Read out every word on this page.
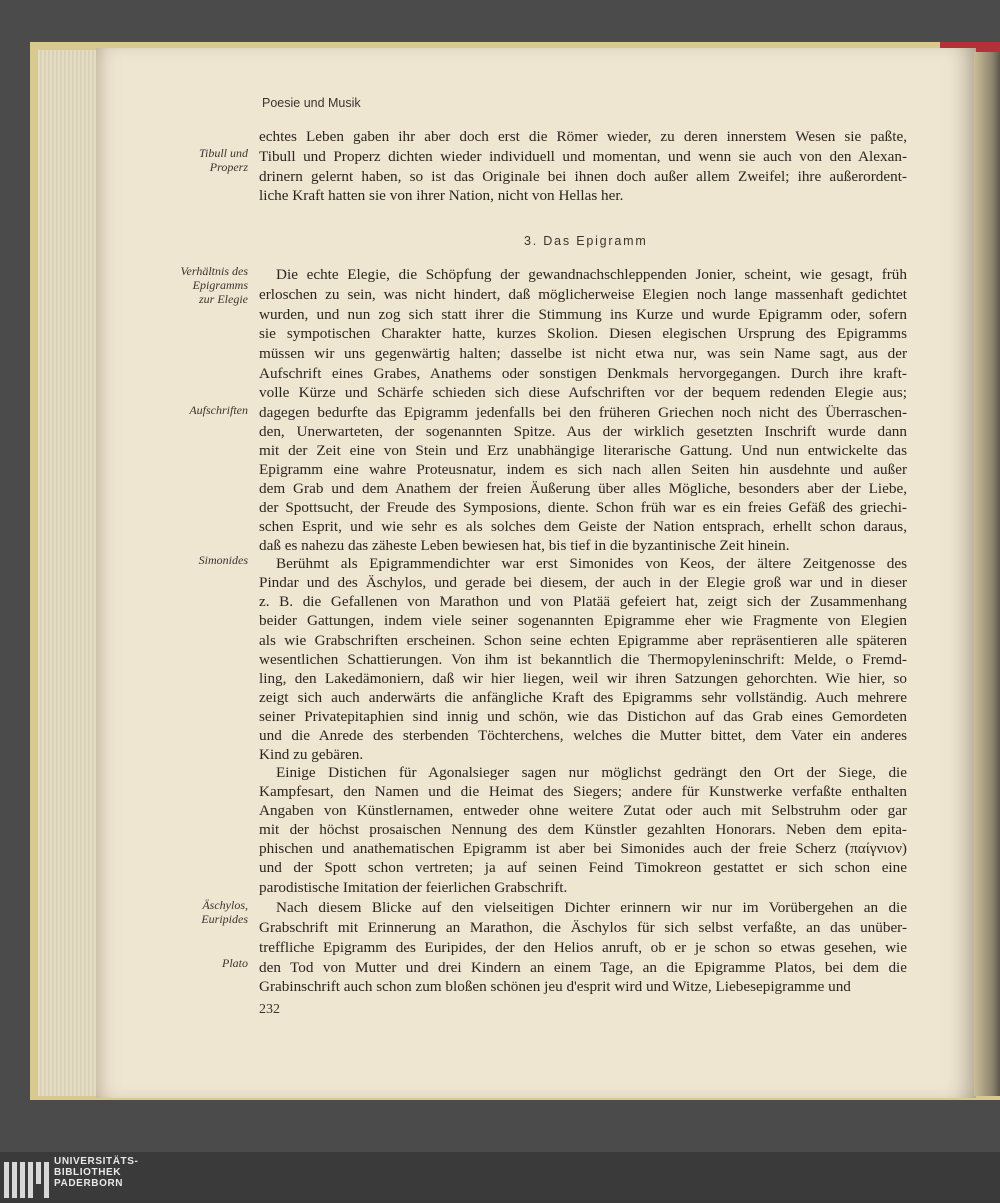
Poesie und Musik
Tibull und
Properz
Verhältnis des
Epigramms
zur Elegie
Aufschriften
Simonides
Äschylos,
Euripides
Plato
3. Das Epigramm
echtes Leben gaben ihr aber doch erst die Römer wieder, zu deren innerstem Wesen sie paßte,
Tibull und Properz dichten wieder individuell und momentan, und wenn sie auch von den Alexan-
drinern gelernt haben, so ist das Originale bei ihnen doch außer allem Zweifel; ihre außerordent-
liche Kraft hatten sie von ihrer Nation, nicht von Hellas her.
Die echte Elegie, die Schöpfung der gewandnachschleppenden Jonier, scheint, wie gesagt, früh
erloschen zu sein, was nicht hindert, daß möglicherweise Elegien noch lange massenhaft gedichtet
wurden, und nun zog sich statt ihrer die Stimmung ins Kurze und wurde Epigramm oder, sofern
sie sympotischen Charakter hatte, kurzes Skolion. Diesen elegischen Ursprung des Epigramms
müssen wir uns gegenwärtig halten; dasselbe ist nicht etwa nur, was sein Name sagt, aus der
Aufschrift eines Grabes, Anathems oder sonstigen Denkmals hervorgegangen. Durch ihre kraft-
volle Kürze und Schärfe schieden sich diese Aufschriften vor der bequem redenden Elegie aus;
dagegen bedurfte das Epigramm jedenfalls bei den früheren Griechen noch nicht des Überraschen-
den, Unerwarteten, der sogenannten Spitze. Aus der wirklich gesetzten Inschrift wurde dann
mit der Zeit eine von Stein und Erz unabhängige literarische Gattung. Und nun entwickelte das
Epigramm eine wahre Proteusnatur, indem es sich nach allen Seiten hin ausdehnte und außer
dem Grab und dem Anathem der freien Äußerung über alles Mögliche, besonders aber der Liebe,
der Spottsucht, der Freude des Symposions, diente. Schon früh war es ein freies Gefäß des griechi-
schen Esprit, und wie sehr es als solches dem Geiste der Nation entsprach, erhellt schon daraus,
daß es nahezu das zäheste Leben bewiesen hat, bis tief in die byzantinische Zeit hinein.
Berühmt als Epigrammendichter war erst Simonides von Keos, der ältere Zeitgenosse des
Pindar und des Äschylos, und gerade bei diesem, der auch in der Elegie groß war und in dieser
z. B. die Gefallenen von Marathon und von Platää gefeiert hat, zeigt sich der Zusammenhang
beider Gattungen, indem viele seiner sogenannten Epigramme eher wie Fragmente von Elegien
als wie Grabschriften erscheinen. Schon seine echten Epigramme aber repräsentieren alle späteren
wesentlichen Schattierungen. Von ihm ist bekanntlich die Thermopyleninschrift: Melde, o Fremd-
ling, den Lakedämoniern, daß wir hier liegen, weil wir ihren Satzungen gehorchten. Wie hier, so
zeigt sich auch anderwärts die anfängliche Kraft des Epigramms sehr vollständig. Auch mehrere
seiner Privatepitaphien sind innig und schön, wie das Distichon auf das Grab eines Gemordeten
und die Anrede des sterbenden Töchterchens, welches die Mutter bittet, dem Vater ein anderes
Kind zu gebären.
Einige Distichen für Agonalsieger sagen nur möglichst gedrängt den Ort der Siege, die
Kampfesart, den Namen und die Heimat des Siegers; andere für Kunstwerke verfaßte enthalten
Angaben von Künstlernamen, entweder ohne weitere Zutat oder auch mit Selbstruhm oder gar
mit der höchst prosaischen Nennung des dem Künstler gezahlten Honorars. Neben dem epita-
phischen und anathematischen Epigramm ist aber bei Simonides auch der freie Scherz (παίγνιον)
und der Spott schon vertreten; ja auf seinen Feind Timokreon gestattet er sich schon eine
parodistische Imitation der feierlichen Grabschrift.
Nach diesem Blicke auf den vielseitigen Dichter erinnern wir nur im Vorübergehen an die
Grabschrift mit Erinnerung an Marathon, die Äschylos für sich selbst verfaßte, an das unüber-
treffliche Epigramm des Euripides, der den Helios anruft, ob er je schon so etwas gesehen, wie
den Tod von Mutter und drei Kindern an einem Tage, an die Epigramme Platos, bei dem die
Grabinschrift auch schon zum bloßen schönen jeu d'esprit wird und Witze, Liebesepigramme und
232
UNIVERSITÄTS-
BIBLIOTHEK
PADERBORN
